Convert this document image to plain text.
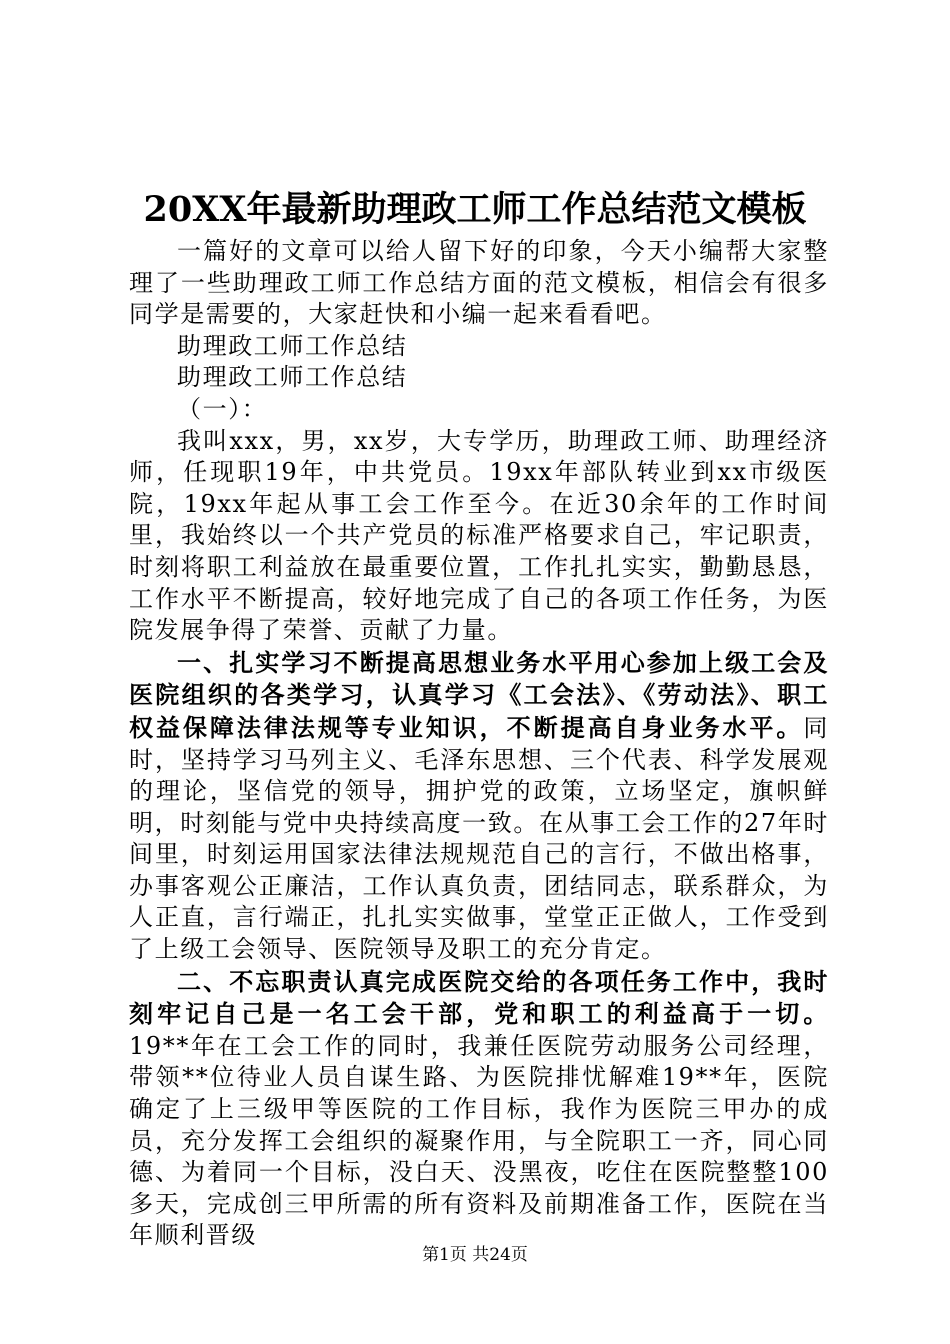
20XX年最新助理政工师工作总结范文模板

一篇好的文章可以给人留下好的印象，今天小编帮大家整理了一些助理政工师工作总结方面的范文模板，相信会有很多同学是需要的，大家赶快和小编一起来看看吧。

助理政工师工作总结

助理政工师工作总结

（一）：

我叫xxx，男，xx岁，大专学历，助理政工师、助理经济师，任现职19年，中共党员。19xx年部队转业到xx市级医院，19xx年起从事工会工作至今。在近30余年的工作时间里，我始终以一个共产党员的标准严格要求自己，牢记职责，时刻将职工利益放在最重要位置，工作扎扎实实，勤勤恳恳，工作水平不断提高，较好地完成了自己的各项工作任务，为医院发展争得了荣誉、贡献了力量。

一、扎实学习不断提高思想业务水平用心参加上级工会及医院组织的各类学习，认真学习《工会法》、《劳动法》、职工权益保障法律法规等专业知识，不断提高自身业务水平。同时，坚持学习马列主义、毛泽东思想、三个代表、科学发展观的理论，坚信党的领导，拥护党的政策，立场坚定，旗帜鲜明，时刻能与党中央持续高度一致。在从事工会工作的27年时间里，时刻运用国家法律法规规范自己的言行，不做出格事，办事客观公正廉洁，工作认真负责，团结同志，联系群众，为人正直，言行端正，扎扎实实做事，堂堂正正做人，工作受到了上级工会领导、医院领导及职工的充分肯定。

二、不忘职责认真完成医院交给的各项任务工作中，我时刻牢记自己是一名工会干部，党和职工的利益高于一切。19**年在工会工作的同时，我兼任医院劳动服务公司经理，带领**位待业人员自谋生路、为医院排忧解难19**年，医院确定了上三级甲等医院的工作目标，我作为医院三甲办的成员，充分发挥工会组织的凝聚作用，与全院职工一齐，同心同德、为着同一个目标，没白天、没黑夜，吃住在医院整整100多天，完成创三甲所需的所有资料及前期准备工作，医院在当年顺利晋级

第1页 共24页
